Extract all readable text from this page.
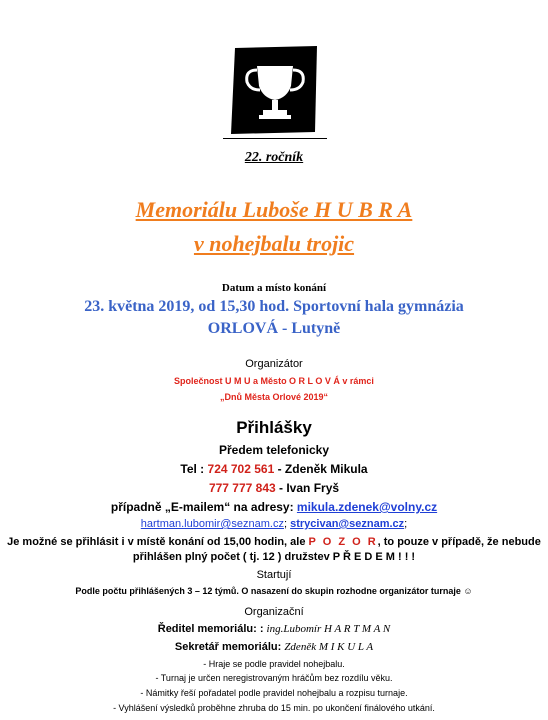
22. ročník
Memoriálu Luboše H U B R A
v nohejbalu trojic
Datum a místo konání
23. května 2019, od 15,30 hod. Sportovní hala gymnázia
ORLOVÁ - Lutyně
Organizátor
Společnost U M U a Město O R L O V Á v rámci
„Dnů Města Orlové 2019“
Přihlášky
Předem telefonicky
Tel : 724 702 561 - Zdeněk Mikula
777 777 843 - Ivan Fryš
případně „E-mailem“ na adresy: mikula.zdenek@volny.cz
hartman.lubomir@seznam.cz; strycivan@seznam.cz;
Je možné se přihlásit i v místě konání od 15,00 hodin, ale P O Z O R, to pouze v případě, že nebude
přihlášen plný počet ( tj. 12 ) družstev P Ř E D E M ! ! !
Startují
Podle počtu přihlášených 3 – 12 týmů. O nasazení do skupin rozhodne organizátor turnaje ☺
Organizační
Ředitel memoriálu: : ing.Lubomír H A R T M A N
Sekretář memoriálu: Zdeněk M I K U L A
- Hraje se podle pravidel nohejbalu.
- Turnaj je určen neregistrovaným hráčům bez rozdílu věku.
- Námitky řeší pořadatel podle pravidel nohejbalu a rozpisu turnaje.
- Vyhlášení výsledků proběhne zhruba do 15 min. po ukončení finálového utkání.
